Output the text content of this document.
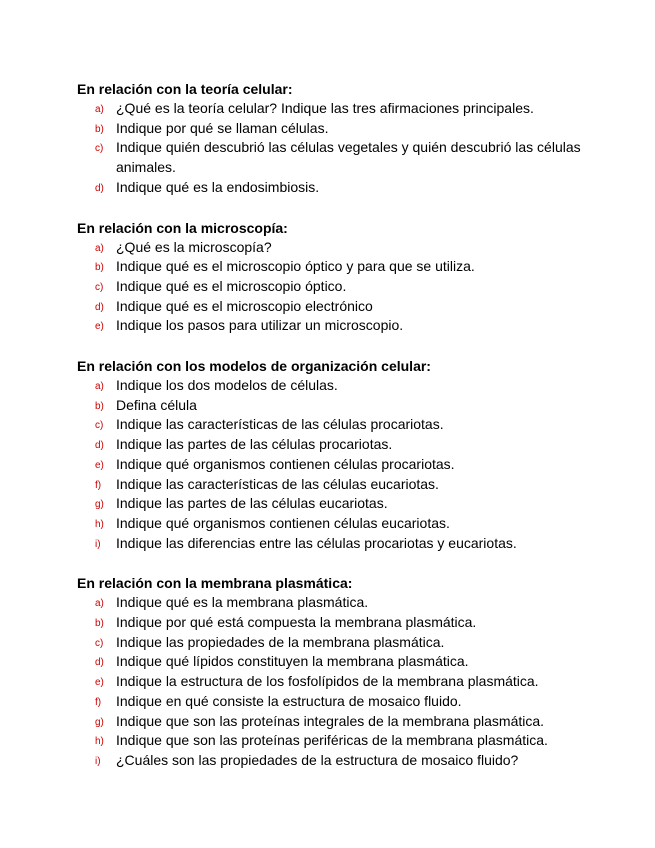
En relación con la teoría celular:
a) ¿Qué es la teoría celular? Indique las tres afirmaciones principales.
b) Indique por qué se llaman células.
c) Indique quién descubrió las células vegetales y quién descubrió las células animales.
d) Indique qué es la endosimbiosis.
En relación con la microscopía:
a) ¿Qué es la microscopía?
b) Indique qué es el microscopio óptico y para que se utiliza.
c) Indique qué es el microscopio óptico.
d) Indique qué es el microscopio electrónico
e) Indique los pasos para utilizar un microscopio.
En relación con los modelos de organización celular:
a) Indique los dos modelos de células.
b) Defina célula
c) Indique las características de las células procariotas.
d) Indique las partes de las células procariotas.
e) Indique qué organismos contienen células procariotas.
f) Indique las características de las células eucariotas.
g) Indique las partes de las células eucariotas.
h) Indique qué organismos contienen células eucariotas.
i) Indique las diferencias entre las células procariotas y eucariotas.
En relación con la membrana plasmática:
a) Indique qué es la membrana plasmática.
b) Indique por qué está compuesta la membrana plasmática.
c) Indique las propiedades de la membrana plasmática.
d) Indique qué lípidos constituyen la membrana plasmática.
e) Indique la estructura de los fosfolípidos de la membrana plasmática.
f) Indique en qué consiste la estructura de mosaico fluido.
g) Indique que son las proteínas integrales de la membrana plasmática.
h) Indique que son las proteínas periféricas de la membrana plasmática.
i) ¿Cuáles son las propiedades de la estructura de mosaico fluido?
